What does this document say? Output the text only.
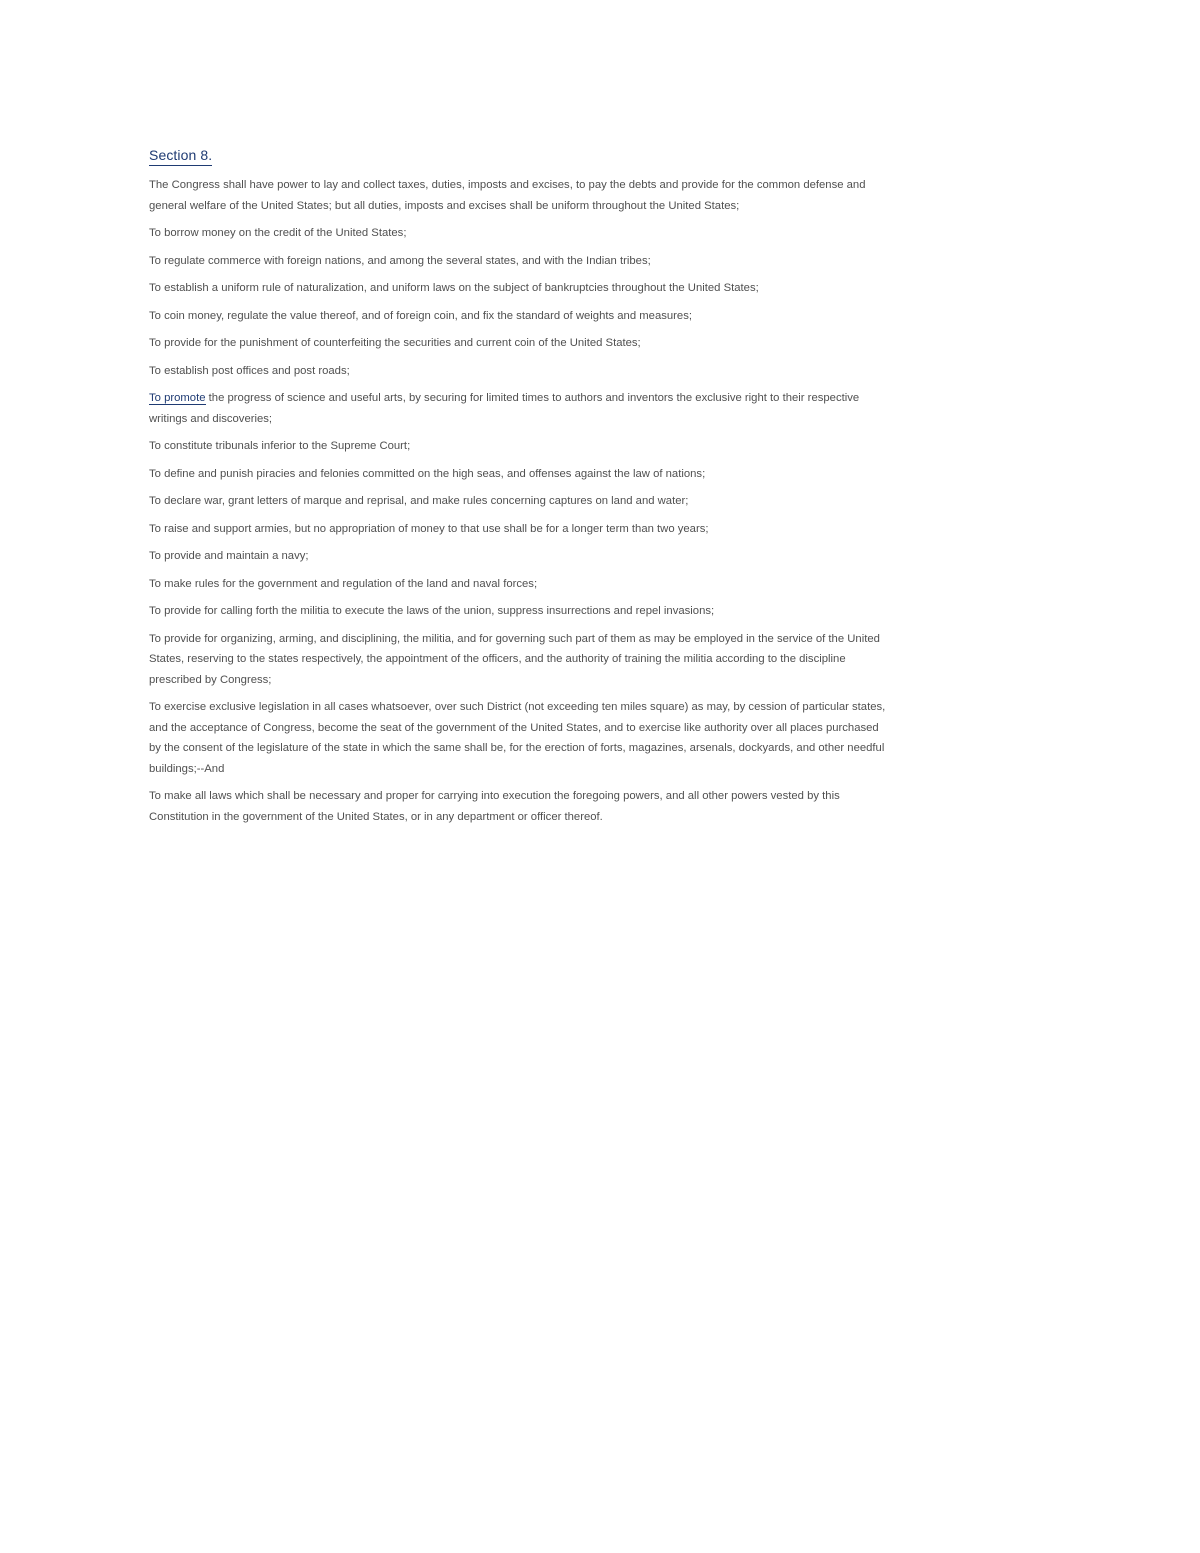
Section 8.

The Congress shall have power to lay and collect taxes, duties, imposts and excises, to pay the debts and provide for the common defense and general welfare of the United States; but all duties, imposts and excises shall be uniform throughout the United States;

To borrow money on the credit of the United States;

To regulate commerce with foreign nations, and among the several states, and with the Indian tribes;

To establish a uniform rule of naturalization, and uniform laws on the subject of bankruptcies throughout the United States;

To coin money, regulate the value thereof, and of foreign coin, and fix the standard of weights and measures;

To provide for the punishment of counterfeiting the securities and current coin of the United States;

To establish post offices and post roads;

To promote the progress of science and useful arts, by securing for limited times to authors and inventors the exclusive right to their respective writings and discoveries;

To constitute tribunals inferior to the Supreme Court;

To define and punish piracies and felonies committed on the high seas, and offenses against the law of nations;

To declare war, grant letters of marque and reprisal, and make rules concerning captures on land and water;

To raise and support armies, but no appropriation of money to that use shall be for a longer term than two years;

To provide and maintain a navy;

To make rules for the government and regulation of the land and naval forces;

To provide for calling forth the militia to execute the laws of the union, suppress insurrections and repel invasions;

To provide for organizing, arming, and disciplining, the militia, and for governing such part of them as may be employed in the service of the United States, reserving to the states respectively, the appointment of the officers, and the authority of training the militia according to the discipline prescribed by Congress;

To exercise exclusive legislation in all cases whatsoever, over such District (not exceeding ten miles square) as may, by cession of particular states, and the acceptance of Congress, become the seat of the government of the United States, and to exercise like authority over all places purchased by the consent of the legislature of the state in which the same shall be, for the erection of forts, magazines, arsenals, dockyards, and other needful buildings;--And

To make all laws which shall be necessary and proper for carrying into execution the foregoing powers, and all other powers vested by this Constitution in the government of the United States, or in any department or officer thereof.
